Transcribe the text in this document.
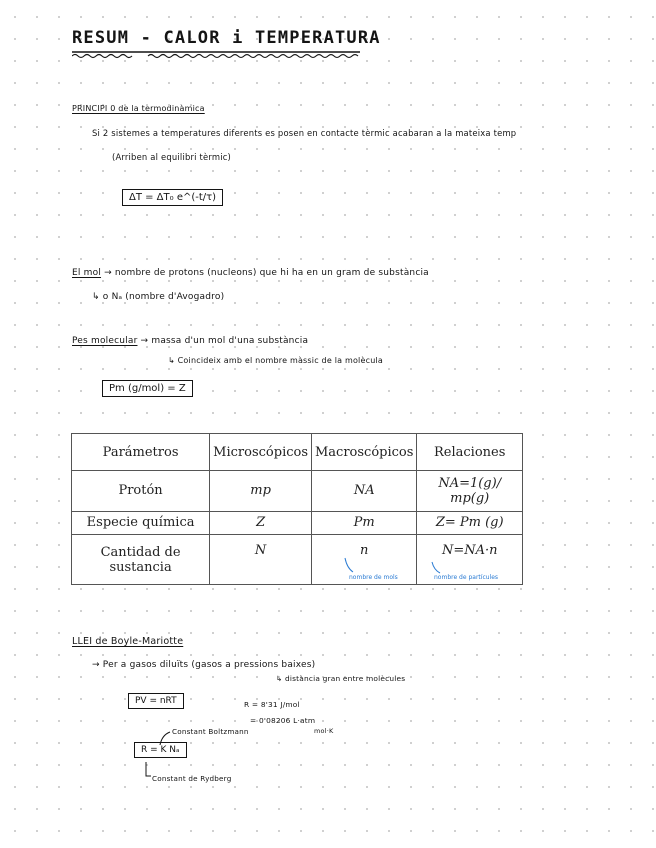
RESUM - CALOR i TEMPERATURA
PRINCIPI 0 de la termodinàmica
Si 2 sistemes a temperatures diferents es posen en contacte tèrmic acabaran a la mateixa temp
(Arriben al equilibri tèrmic)
ΔT = ΔT₀ e^(-t/τ)
El mol → nombre de protons (nucleons) que hi ha en un gram de substància
↳ o Nₐ (nombre d'Avogadro)
Pes molecular → massa d'un mol d'una substància
↳ Coincideix amb el nombre màssic de la molècula
Pm (g/mol) = Z
Parámetros	Microscópicos	Macroscópicos	Relaciones
Protón	mp	NA	NA=1(g)/ mp(g)
Especie química	Z	Pm	Z= Pm (g)
Cantidad de sustancia	N	n	N=NA·n
nombre de mols	nombre de partícules
LLEI de Boyle-Mariotte
→ Per a gasos diluïts (gasos a pressions baixes)
↳ distància gran entre molècules
PV = nRT	R = 8'31 J/mol
= 0'08206 L·atm
mol·K
Constant Boltzmann
R = K Nₐ
Constant de Rydberg
